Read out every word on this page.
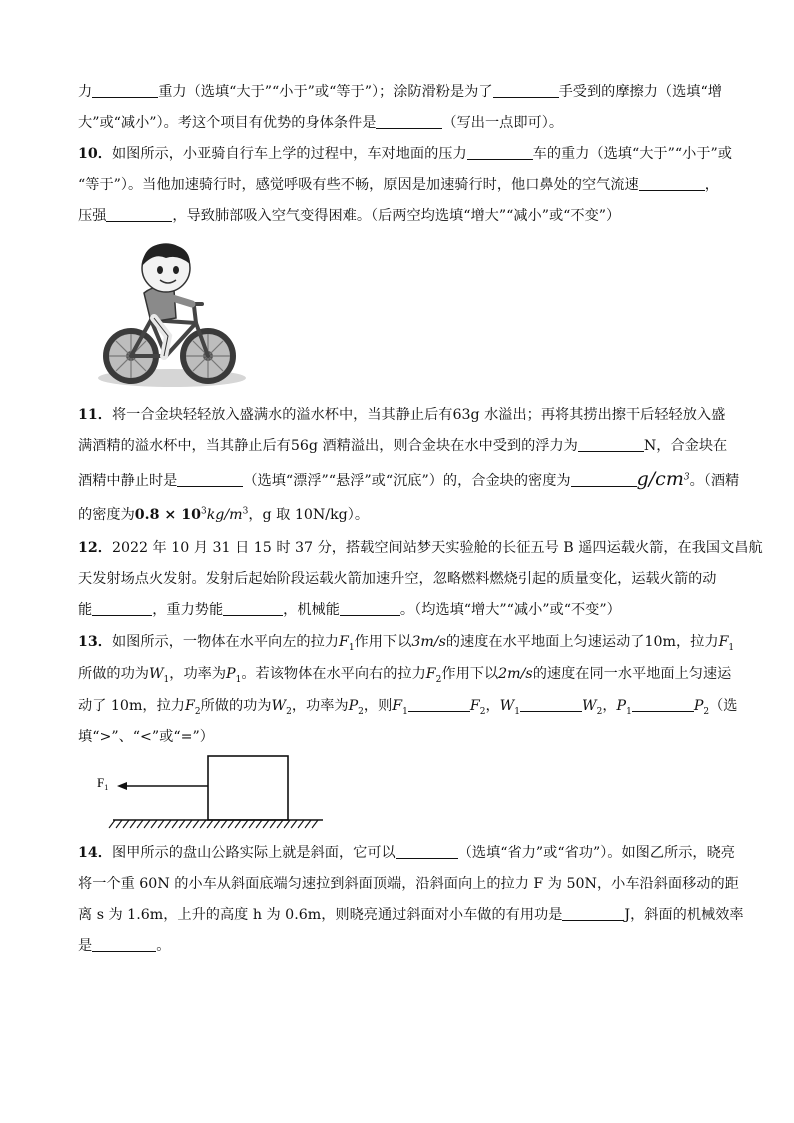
力	重力（选填“大于”“小于”或“等于”）；涂防滑粉是为了	手受到的摩擦力（选填“增
大”或“减小”）。考这个项目有优势的身体条件是	（写出一点即可）。
10．如图所示，小亚骑自行车上学的过程中，车对地面的压力	车的重力（选填“大于”“小于”或
“等于”）。当他加速骑行时，感觉呼吸有些不畅，原因是加速骑行时，他口鼻处的空气流速	，
压强	，导致肺部吸入空气变得困难。（后两空均选填“增大”“减小”或“不变”）
11．将一合金块轻轻放入盛满水的溢水杯中，当其静止后有63g 水溢出；再将其捞出擦干后轻轻放入盛
满酒精的溢水杯中，当其静止后有56g 酒精溢出，则合金块在水中受到的浮力为	N，合金块在
酒精中静止时是	（选填“漂浮”“悬浮”或“沉底”）的，合金块的密度为	$g/cm^3$。（酒精
的密度为$0.8 \times 10^3kg/m^3$，g 取 10N/kg）。
12．2022 年 10 月 31 日 15 时 37 分，搭载空间站梦天实验舱的长征五号 B 遥四运载火箭，在我国文昌航
天发射场点火发射。发射后起始阶段运载火箭加速升空，忽略燃料燃烧引起的质量变化，运载火箭的动
能	，重力势能	，机械能	。（均选填“增大”“减小”或“不变”）
13．如图所示，一物体在水平向左的拉力$F_1$作用下以3m/s的速度在水平地面上匀速运动了10m，拉力$F_1$
所做的功为$W_1$，功率为$P_1$。若该物体在水平向右的拉力$F_2$作用下以2m/s的速度在同一水平地面上匀速运
动了 10m，拉力$F_2$所做的功为$W_2$，功率为$P_2$，则$F_1$	$F_2$，$W_1$	$W_2$，$P_1$	$P_2$（选
填“>”、“<”或“=”）
$F_1$
14．图甲所示的盘山公路实际上就是斜面，它可以	（选填“省力”或“省功”）。如图乙所示，晓亮
将一个重 60N 的小车从斜面底端匀速拉到斜面顶端，沿斜面向上的拉力 F 为 50N，小车沿斜面移动的距
离 s 为 1.6m，上升的高度 h 为 0.6m，则晓亮通过斜面对小车做的有用功是	J，斜面的机械效率
是	。
